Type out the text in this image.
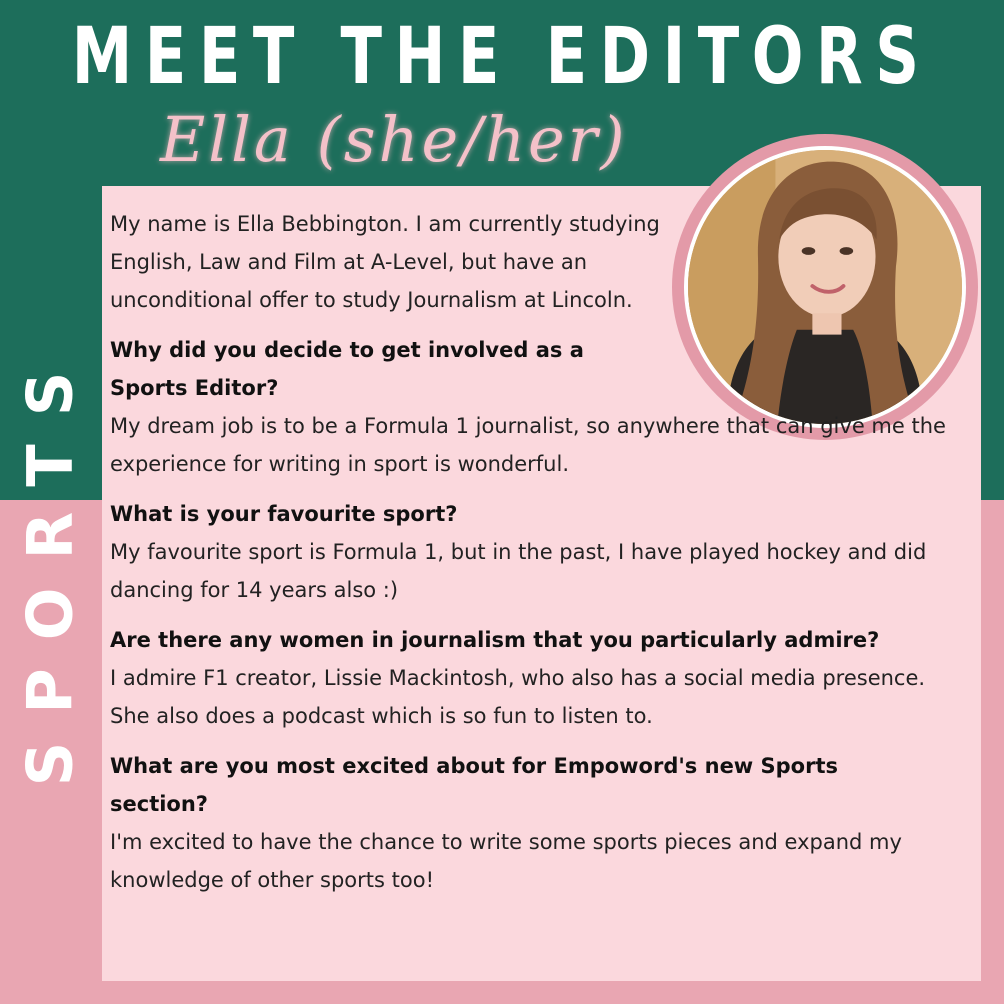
MEET THE EDITORS
Ella (she/her)
SPORTS

My name is Ella Bebbington. I am currently studying English, Law and Film at A-Level, but have an unconditional offer to study Journalism at Lincoln.

Why did you decide to get involved as a Sports Editor?

My dream job is to be a Formula 1 journalist, so anywhere that can give me the experience for writing in sport is wonderful.

What is your favourite sport?

My favourite sport is Formula 1, but in the past, I have played hockey and did dancing for 14 years also :)

Are there any women in journalism that you particularly admire?

I admire F1 creator, Lissie Mackintosh, who also has a social media presence. She also does a podcast which is so fun to listen to.

What are you most excited about for Empoword's new Sports section?

I'm excited to have the chance to write some sports pieces and expand my knowledge of other sports too!
